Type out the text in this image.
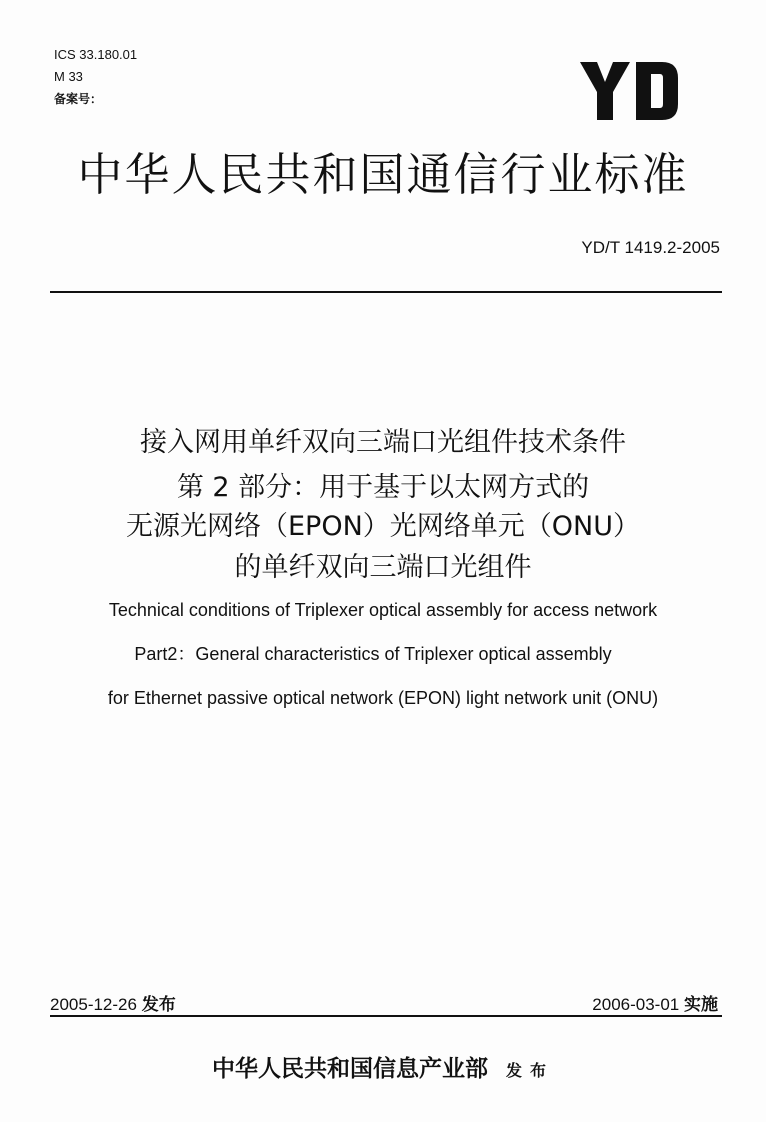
ICS 33.180.01
M 33
备案号：
中华人民共和国通信行业标准
YD/T 1419.2-2005
接入网用单纤双向三端口光组件技术条件
第 2 部分：用于基于以太网方式的
无源光网络（EPON）光网络单元（ONU）
的单纤双向三端口光组件
Technical conditions of Triplexer optical assembly for access network
Part2：General characteristics of Triplexer optical assembly
for Ethernet passive optical network (EPON) light network unit (ONU)
2005-12-26 发布	2006-03-01 实施
中华人民共和国信息产业部 发布
